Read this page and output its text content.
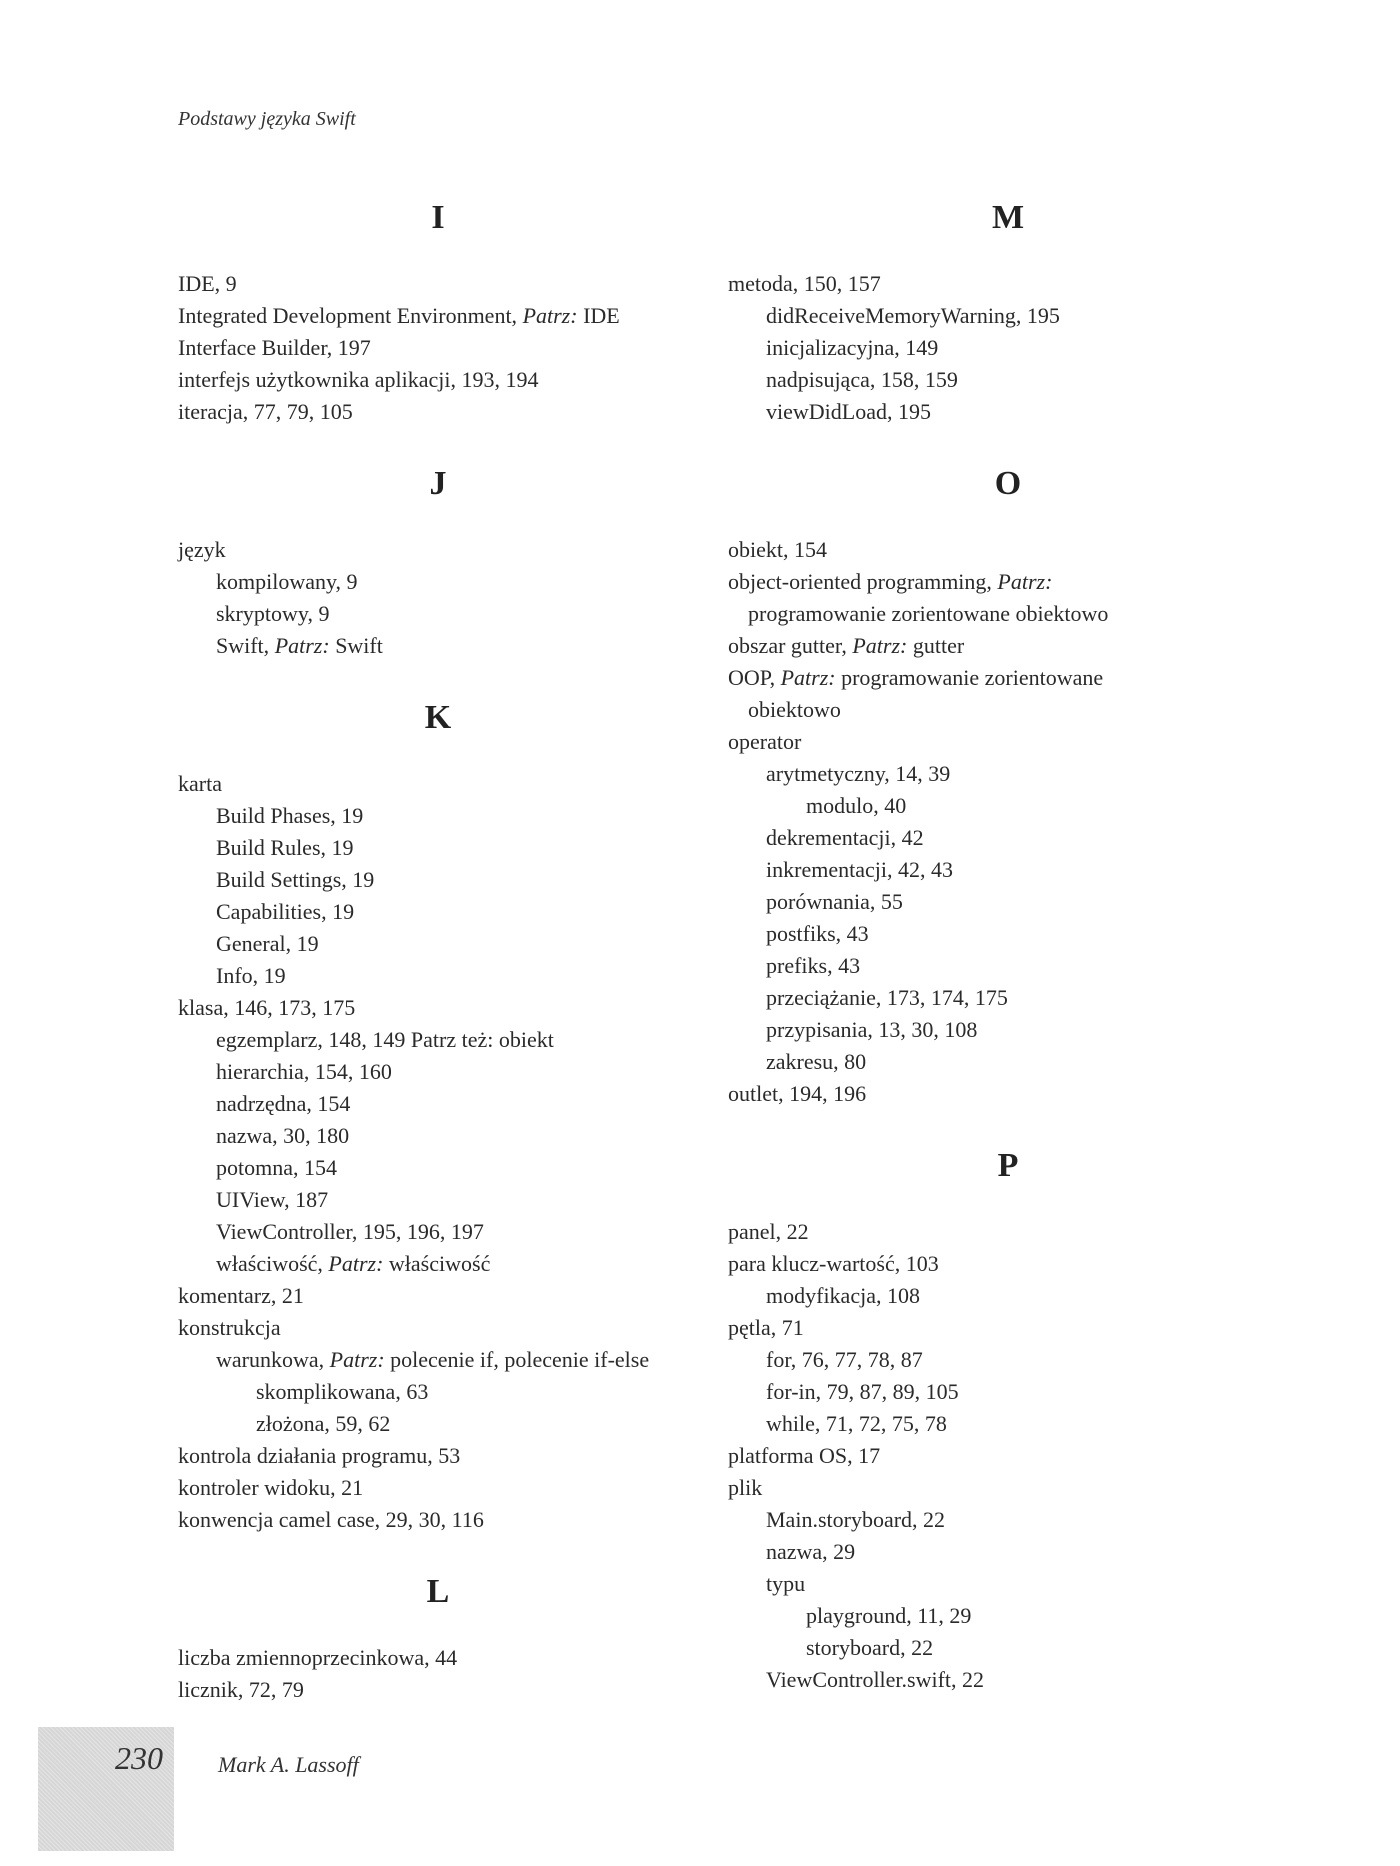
Podstawy języka Swift
I
IDE, 9
Integrated Development Environment, Patrz: IDE
Interface Builder, 197
interfejs użytkownika aplikacji, 193, 194
iteracja, 77, 79, 105
J
język
kompilowany, 9
skryptowy, 9
Swift, Patrz: Swift
K
karta
Build Phases, 19
Build Rules, 19
Build Settings, 19
Capabilities, 19
General, 19
Info, 19
klasa, 146, 173, 175
egzemplarz, 148, 149 Patrz też: obiekt
hierarchia, 154, 160
nadrzędna, 154
nazwa, 30, 180
potomna, 154
UIView, 187
ViewController, 195, 196, 197
właściwość, Patrz: właściwość
komentarz, 21
konstrukcja
warunkowa, Patrz: polecenie if, polecenie if-else
skomplikowana, 63
złożona, 59, 62
kontrola działania programu, 53
kontroler widoku, 21
konwencja camel case, 29, 30, 116
L
liczba zmiennoprzecinkowa, 44
licznik, 72, 79
M
metoda, 150, 157
didReceiveMemoryWarning, 195
inicjalizacyjna, 149
nadpisująca, 158, 159
viewDidLoad, 195
O
obiekt, 154
object-oriented programming, Patrz:
programowanie zorientowane obiektowo
obszar gutter, Patrz: gutter
OOP, Patrz: programowanie zorientowane
obiektowo
operator
arytmetyczny, 14, 39
modulo, 40
dekrementacji, 42
inkrementacji, 42, 43
porównania, 55
postfiks, 43
prefiks, 43
przeciążanie, 173, 174, 175
przypisania, 13, 30, 108
zakresu, 80
outlet, 194, 196
P
panel, 22
para klucz-wartość, 103
modyfikacja, 108
pętla, 71
for, 76, 77, 78, 87
for-in, 79, 87, 89, 105
while, 71, 72, 75, 78
platforma OS, 17
plik
Main.storyboard, 22
nazwa, 29
typu
playground, 11, 29
storyboard, 22
ViewController.swift, 22
230	Mark A. Lassoff
